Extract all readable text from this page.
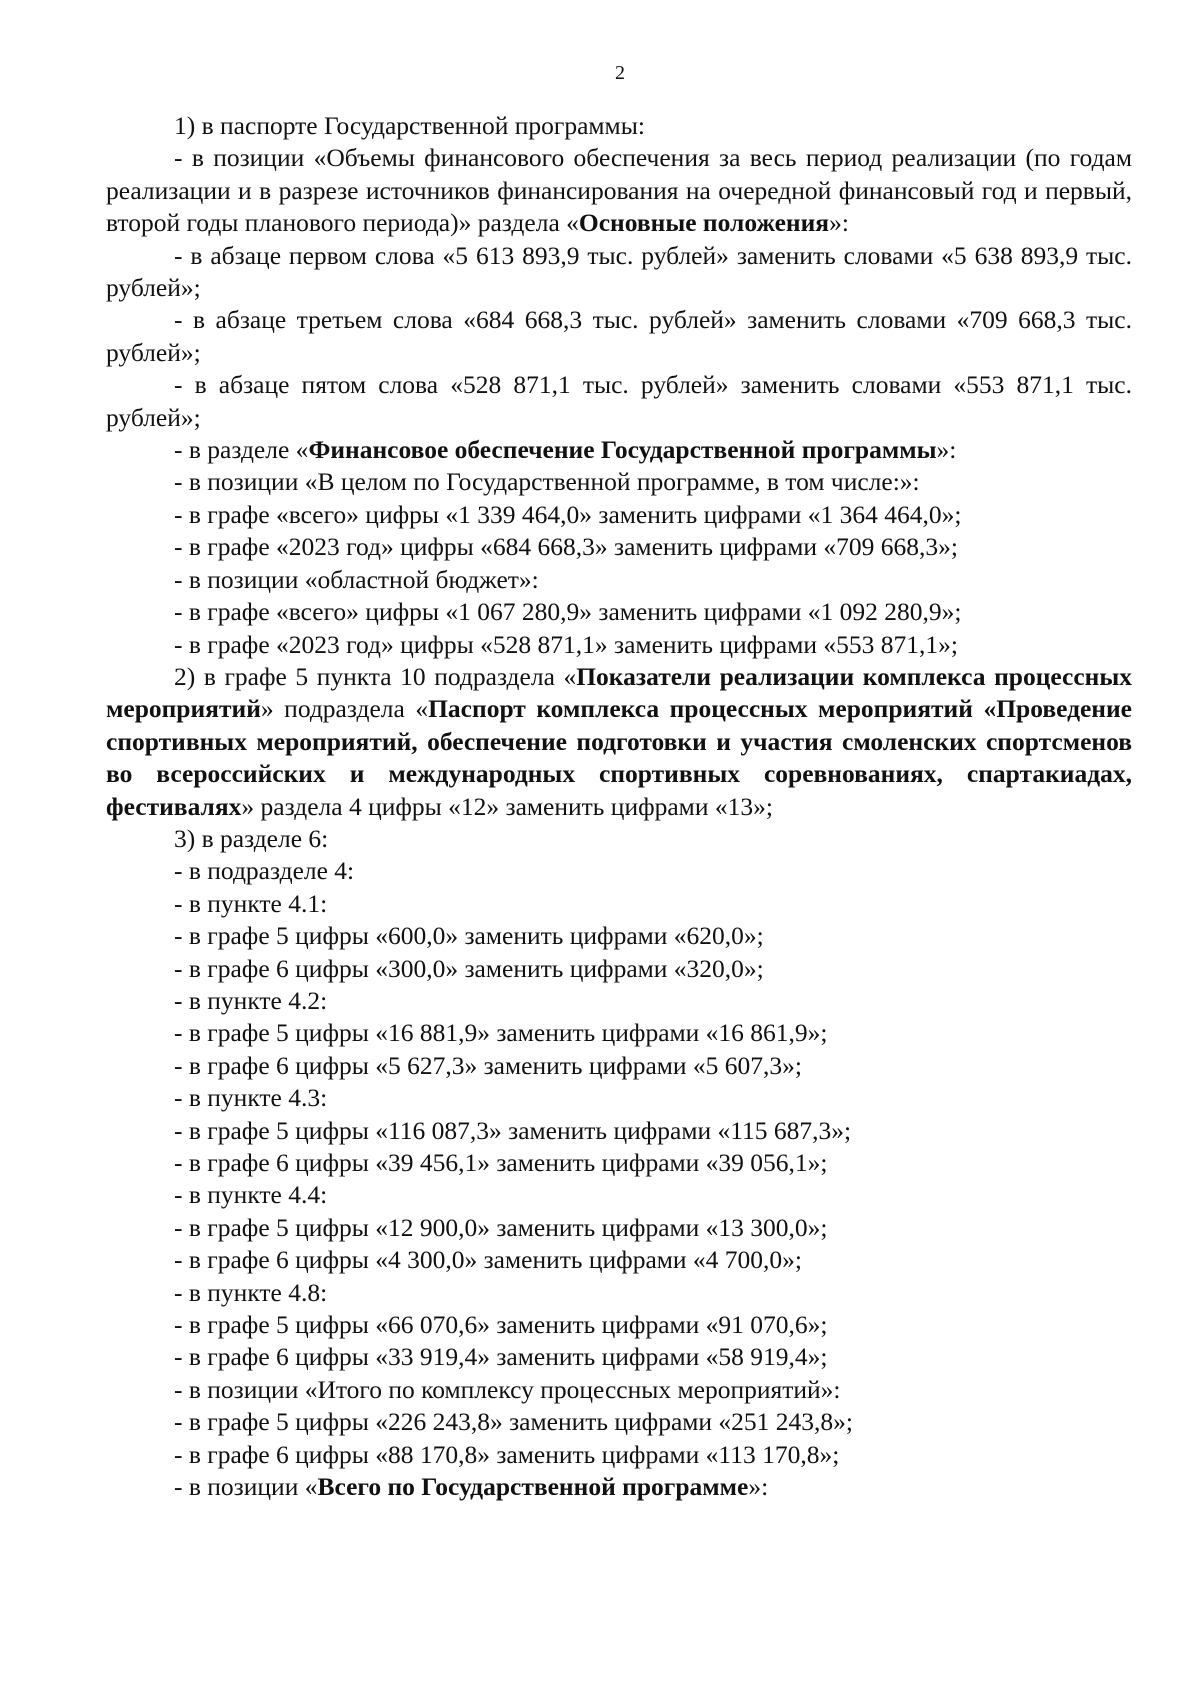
2

1) в паспорте Государственной программы:

- в позиции «Объемы финансового обеспечения за весь период реализации (по годам реализации и в разрезе источников финансирования на очередной финансовый год и первый, второй годы планового периода)» раздела «Основные положения»:

- в абзаце первом слова «5 613 893,9 тыс. рублей» заменить словами «5 638 893,9 тыс. рублей»;

- в абзаце третьем слова «684 668,3 тыс. рублей» заменить словами «709 668,3 тыс. рублей»;

- в абзаце пятом слова «528 871,1 тыс. рублей» заменить словами «553 871,1 тыс. рублей»;

- в разделе «Финансовое обеспечение Государственной программы»:

- в позиции «В целом по Государственной программе, в том числе:»:

- в графе «всего» цифры «1 339 464,0» заменить цифрами «1 364 464,0»;

- в графе «2023 год» цифры «684 668,3» заменить цифрами «709 668,3»;

- в позиции «областной бюджет»:

- в графе «всего» цифры «1 067 280,9» заменить цифрами «1 092 280,9»;

- в графе «2023 год» цифры «528 871,1» заменить цифрами «553 871,1»;

2) в графе 5 пункта 10 подраздела «Показатели реализации комплекса процессных мероприятий» подраздела «Паспорт комплекса процессных мероприятий «Проведение спортивных мероприятий, обеспечение подготовки и участия смоленских спортсменов во всероссийских и международных спортивных соревнованиях, спартакиадах, фестивалях» раздела 4 цифры «12» заменить цифрами «13»;

3) в разделе 6:

- в подразделе 4:

- в пункте 4.1:

- в графе 5 цифры «600,0» заменить цифрами «620,0»;

- в графе 6 цифры «300,0» заменить цифрами «320,0»;

- в пункте 4.2:

- в графе 5 цифры «16 881,9» заменить цифрами «16 861,9»;

- в графе 6 цифры «5 627,3» заменить цифрами «5 607,3»;

- в пункте 4.3:

- в графе 5 цифры «116 087,3» заменить цифрами «115 687,3»;

- в графе 6 цифры «39 456,1» заменить цифрами «39 056,1»;

- в пункте 4.4:

- в графе 5 цифры «12 900,0» заменить цифрами «13 300,0»;

- в графе 6 цифры «4 300,0» заменить цифрами «4 700,0»;

- в пункте 4.8:

- в графе 5 цифры «66 070,6» заменить цифрами «91 070,6»;

- в графе 6 цифры «33 919,4» заменить цифрами «58 919,4»;

- в позиции «Итого по комплексу процессных мероприятий»:

- в графе 5 цифры «226 243,8» заменить цифрами «251 243,8»;

- в графе 6 цифры «88 170,8» заменить цифрами «113 170,8»;

- в позиции «Всего по Государственной программе»:
